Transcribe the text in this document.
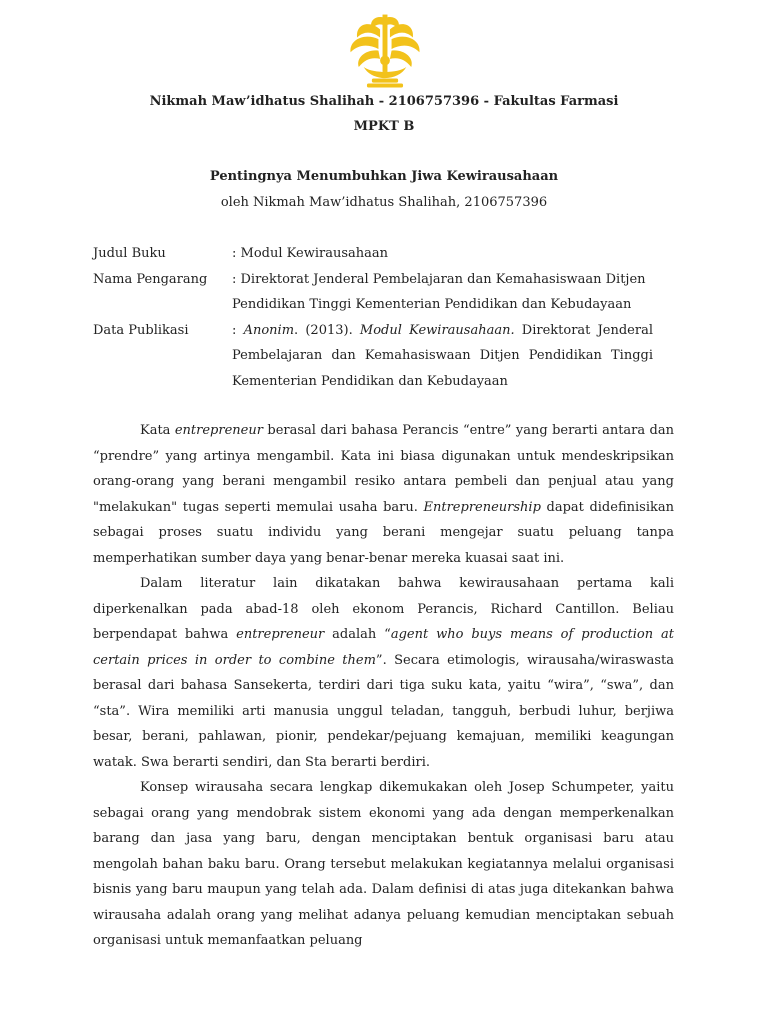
Nikmah Maw’idhatus Shalihah - 2106757396 - Fakultas Farmasi
MPKT B
Pentingnya Menumbuhkan Jiwa Kewirausahaan
oleh Nikmah Maw’idhatus Shalihah, 2106757396
Judul Buku	: Modul Kewirausahaan
Nama Pengarang	: Direktorat Jenderal Pembelajaran dan Kemahasiswaan Ditjen Pendidikan Tinggi Kementerian Pendidikan dan Kebudayaan
Data Publikasi	: Anonim. (2013). Modul Kewirausahaan. Direktorat Jenderal Pembelajaran dan Kemahasiswaan Ditjen Pendidikan Tinggi Kementerian Pendidikan dan Kebudayaan

Kata entrepreneur berasal dari bahasa Perancis “entre” yang berarti antara dan “prendre” yang artinya mengambil. Kata ini biasa digunakan untuk mendeskripsikan orang-orang yang berani mengambil resiko antara pembeli dan penjual atau yang "melakukan" tugas seperti memulai usaha baru. Entrepreneurship dapat didefinisikan sebagai proses suatu individu yang berani mengejar suatu peluang tanpa memperhatikan sumber daya yang benar-benar mereka kuasai saat ini.

Dalam literatur lain dikatakan bahwa kewirausahaan pertama kali diperkenalkan pada abad-18 oleh ekonom Perancis, Richard Cantillon. Beliau berpendapat bahwa entrepreneur adalah “agent who buys means of production at certain prices in order to combine them”. Secara etimologis, wirausaha/wiraswasta berasal dari bahasa Sansekerta, terdiri dari tiga suku kata, yaitu “wira”, “swa”, dan “sta”. Wira memiliki arti manusia unggul teladan, tangguh, berbudi luhur, berjiwa besar, berani, pahlawan, pionir, pendekar/pejuang kemajuan, memiliki keagungan watak. Swa berarti sendiri, dan Sta berarti berdiri.

Konsep wirausaha secara lengkap dikemukakan oleh Josep Schumpeter, yaitu sebagai orang yang mendobrak sistem ekonomi yang ada dengan memperkenalkan barang dan jasa yang baru, dengan menciptakan bentuk organisasi baru atau mengolah bahan baku baru. Orang tersebut melakukan kegiatannya melalui organisasi bisnis yang baru maupun yang telah ada. Dalam definisi di atas juga ditekankan bahwa wirausaha adalah orang yang melihat adanya peluang kemudian menciptakan sebuah organisasi untuk memanfaatkan peluang
